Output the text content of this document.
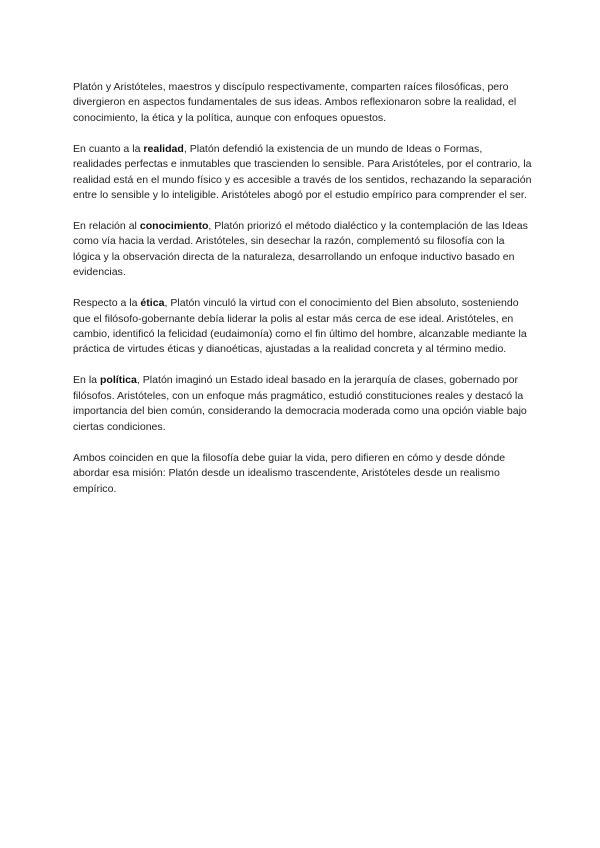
Platón y Aristóteles, maestros y discípulo respectivamente, comparten raíces filosóficas, pero divergieron en aspectos fundamentales de sus ideas. Ambos reflexionaron sobre la realidad, el conocimiento, la ética y la política, aunque con enfoques opuestos.

En cuanto a la realidad, Platón defendió la existencia de un mundo de Ideas o Formas, realidades perfectas e inmutables que trascienden lo sensible. Para Aristóteles, por el contrario, la realidad está en el mundo físico y es accesible a través de los sentidos, rechazando la separación entre lo sensible y lo inteligible. Aristóteles abogó por el estudio empírico para comprender el ser.

En relación al conocimiento, Platón priorizó el método dialéctico y la contemplación de las Ideas como vía hacia la verdad. Aristóteles, sin desechar la razón, complementó su filosofía con la lógica y la observación directa de la naturaleza, desarrollando un enfoque inductivo basado en evidencias.

Respecto a la ética, Platón vinculó la virtud con el conocimiento del Bien absoluto, sosteniendo que el filósofo-gobernante debía liderar la polis al estar más cerca de ese ideal. Aristóteles, en cambio, identificó la felicidad (eudaimonía) como el fin último del hombre, alcanzable mediante la práctica de virtudes éticas y dianoéticas, ajustadas a la realidad concreta y al término medio.

En la política, Platón imaginó un Estado ideal basado en la jerarquía de clases, gobernado por filósofos. Aristóteles, con un enfoque más pragmático, estudió constituciones reales y destacó la importancia del bien común, considerando la democracia moderada como una opción viable bajo ciertas condiciones.

Ambos coinciden en que la filosofía debe guiar la vida, pero difieren en cómo y desde dónde abordar esa misión: Platón desde un idealismo trascendente, Aristóteles desde un realismo empírico.
